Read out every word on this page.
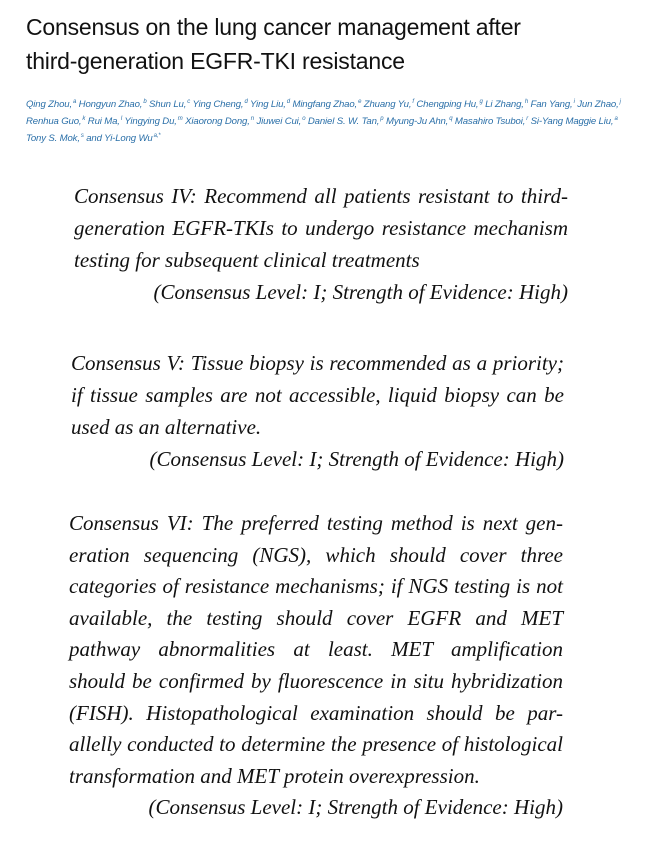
Consensus on the lung cancer management after
third-generation EGFR-TKI resistance
Qing Zhou,$^a$ Hongyun Zhao,$^b$ Shun Lu,$^c$ Ying Cheng,$^d$ Ying Liu,$^d$ Mingfang Zhao,$^e$ Zhuang Yu,$^f$ Chengping Hu,$^g$ Li Zhang,$^h$ Fan Yang,$^i$ Jun Zhao,$^j$ Renhua Guo,$^k$ Rui Ma,$^l$ Yingying Du,$^m$ Xiaorong Dong,$^n$ Jiuwei Cui,$^o$ Daniel S. W. Tan,$^p$ Myung-Ju Ahn,$^q$ Masahiro Tsuboi,$^r$ Si-Yang Maggie Liu,$^a$ Tony S. Mok,$^s$ and Yi-Long $Wu^{a,*}$
Consensus IV: Recommend all patients resistant to third-
generation EGFR-TKIs to undergo resistance mechanism
testing for subsequent clinical treatments
(Consensus Level: I; Strength of Evidence: High)
Consensus V: Tissue biopsy is recommended as a priority;
if tissue samples are not accessible, liquid biopsy can be
used as an alternative.
(Consensus Level: I; Strength of Evidence: High)
Consensus VI: The preferred testing method is next gen-
eration sequencing (NGS), which should cover three
categories of resistance mechanisms; if NGS testing is not
available, the testing should cover EGFR and MET
pathway abnormalities at least. MET amplification
should be confirmed by fluorescence in situ hybridization
(FISH). Histopathological examination should be par-
allelly conducted to determine the presence of histological
transformation and MET protein overexpression.
(Consensus Level: I; Strength of Evidence: High)
